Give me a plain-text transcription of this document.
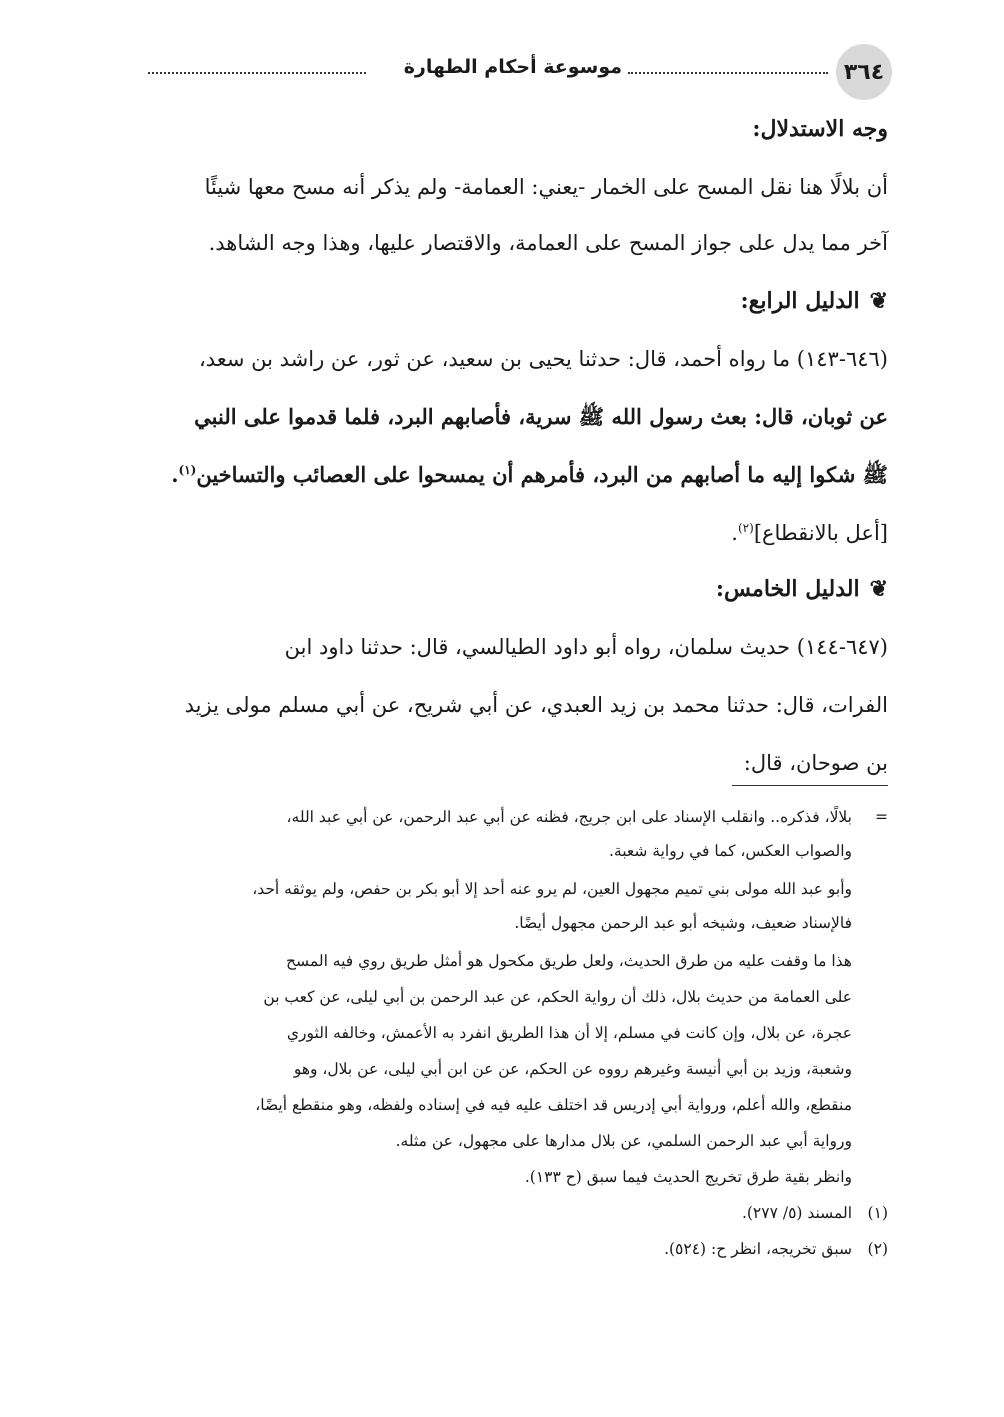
٣٦٤
موسوعة أحكام الطهارة
وجه الاستدلال:
أن بلالًا هنا نقل المسح على الخمار -يعني: العمامة- ولم يذكر أنه مسح معها شيئًا
آخر مما يدل على جواز المسح على العمامة، والاقتصار عليها، وهذا وجه الشاهد.
❦الدليل الرابع:
(٦٤٦-١٤٣) ما رواه أحمد، قال: حدثنا يحيى بن سعيد، عن ثور، عن راشد بن سعد،
عن ثوبان، قال: بعث رسول الله ﷺ سرية، فأصابهم البرد، فلما قدموا على النبي
ﷺ شكوا إليه ما أصابهم من البرد، فأمرهم أن يمسحوا على العصائب والتساخين$^{(١)}$.
[أعل بالانقطاع]$^{(٢)}$.
❦الدليل الخامس:
(٦٤٧-١٤٤) حديث سلمان، رواه أبو داود الطيالسي، قال: حدثنا داود ابن
الفرات، قال: حدثنا محمد بن زيد العبدي، عن أبي شريح، عن أبي مسلم مولى يزيد
بن صوحان، قال:
=
بلالًا، فذكره.. وانقلب الإسناد على ابن جريج، فظنه عن أبي عبد الرحمن، عن أبي عبد الله،
والصواب العكس، كما في رواية شعبة.
وأبو عبد الله مولى بني تميم مجهول العين، لم يرو عنه أحد إلا أبو بكر بن حفص، ولم يوثقه أحد،
فالإسناد ضعيف، وشيخه أبو عبد الرحمن مجهول أيضًا.
هذا ما وقفت عليه من طرق الحديث، ولعل طريق مكحول هو أمثل طريق روي فيه المسح
على العمامة من حديث بلال، ذلك أن رواية الحكم، عن عبد الرحمن بن أبي ليلى، عن كعب بن
عجرة، عن بلال، وإن كانت في مسلم، إلا أن هذا الطريق انفرد به الأعمش، وخالفه الثوري
وشعبة، وزيد بن أبي أنيسة وغيرهم رووه عن الحكم، عن عن ابن أبي ليلى، عن بلال، وهو
منقطع، والله أعلم، ورواية أبي إدريس قد اختلف عليه فيه في إسناده ولفظه، وهو منقطع أيضًا،
ورواية أبي عبد الرحمن السلمي، عن بلال مدارها على مجهول، عن مثله.
وانظر بقية طرق تخريج الحديث فيما سبق (ح ١٣٣).
(١)
المسند (٥/ ٢٧٧).
(٢)
سبق تخريجه، انظر ح: (٥٢٤).
